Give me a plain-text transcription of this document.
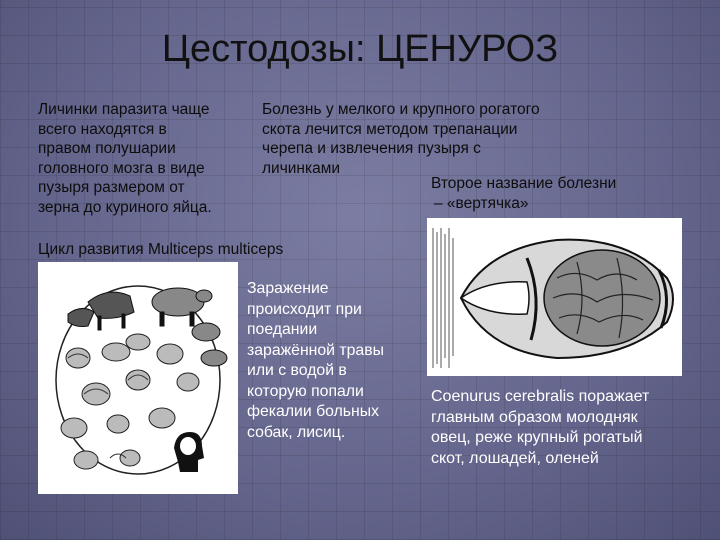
Цестодозы: ЦЕНУРОЗ
Личинки паразита чаще
всего находятся в
правом полушарии
головного мозга в виде
пузыря размером от
зерна до куриного яйца.
Болезнь у мелкого и крупного рогатого
скота лечится методом трепанации
черепа и извлечения пузыря с
личинками
Второе название болезни
– «вертячка»
Цикл развития Multiceps multiceps
Заражение
происходит при
поедании
заражённой травы
или с водой в
которую попали
фекалии больных
собак, лисиц.
Coenurus cerebralis поражает
главным образом молодняк
овец, реже крупный рогатый
скот, лошадей, оленей
